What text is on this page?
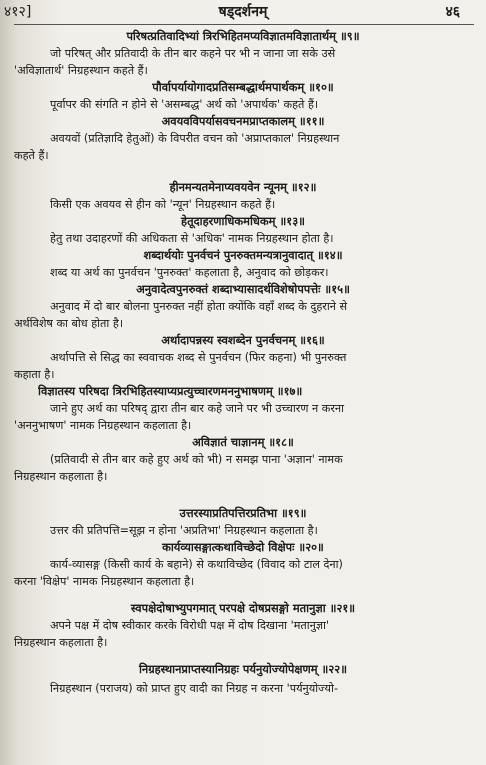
४१२]	षड्दर्शनम्	४६
परिषत्प्रतिवादिभ्यां त्रिरभिहितमप्यविज्ञातमविज्ञातार्थम् ॥९॥
जो परिषत् और प्रतिवादी के तीन बार कहने पर भी न जाना जा सके उसे
'अविज्ञातार्थ' निग्रहस्थान कहते हैं।
पौर्वापर्यायोगादप्रतिसम्बद्धार्थमपार्थकम् ॥१०॥
पूर्वापर की संगति न होने से 'असम्बद्ध' अर्थ को 'अपार्थक' कहते हैं।
अवयवविपर्यासवचनमप्राप्तकालम् ॥११॥
अवयवों (प्रतिज्ञादि हेतुओं) के विपरीत वचन को 'अप्राप्तकाल' निग्रहस्थान
कहते हैं।
हीनमन्यतमेनाप्यवयवेन न्यूनम् ॥१२॥
किसी एक अवयव से हीन को 'न्यून' निग्रहस्थान कहते हैं।
हेतूदाहरणाधिकमधिकम् ॥१३॥
हेतु तथा उदाहरणों की अधिकता से 'अधिक' नामक निग्रहस्थान होता है।
शब्दार्थयोः पुनर्वचनं पुनरुक्तमन्यत्रानुवादात् ॥१४॥
शब्द या अर्थ का पुनर्वचन 'पुनरुक्त' कहलाता है, अनुवाद को छोड़कर।
अनुवादेत्वपुनरुक्तं शब्दाभ्यासादर्थविशेषोपपत्तेः ॥१५॥
अनुवाद में दो बार बोलना पुनरुक्त नहीं होता क्योंकि वहाँ शब्द के दुहराने से
अर्थविशेष का बोध होता है।
अर्थादापन्नस्य स्वशब्देन पुनर्वचनम् ॥१६॥
अर्थापत्ति से सिद्ध का स्ववाचक शब्द से पुनर्वचन (फिर कहना) भी पुनरुक्त
कहाता है।
विज्ञातस्य परिषदा त्रिरभिहितस्याप्यप्रत्युच्चारणमननुभाषणम् ॥१७॥
जाने हुए अर्थ का परिषद् द्वारा तीन बार कहे जाने पर भी उच्चारण न करना
'अननुभाषण' नामक निग्रहस्थान कहलाता है।
अविज्ञातं चाज्ञानम् ॥१८॥
(प्रतिवादी से तीन बार कहे हुए अर्थ को भी) न समझ पाना 'अज्ञान' नामक
निग्रहस्थान कहलाता है।
उत्तरस्याप्रतिपत्तिरप्रतिभा ॥१९॥
उत्तर की प्रतिपत्ति=सूझ न होना 'अप्रतिभा' निग्रहस्थान कहलाता है।
कार्यव्यासङ्गात्कथाविच्छेदो विक्षेपः ॥२०॥
कार्य-व्यासङ्ग (किसी कार्य के बहाने) से कथाविच्छेद (विवाद को टाल देना)
करना 'विक्षेप' नामक निग्रहस्थान कहलाता है।
स्वपक्षेदोषाभ्युपगमात् परपक्षे दोषप्रसङ्गो मतानुज्ञा ॥२१॥
अपने पक्ष में दोष स्वीकार करके विरोधी पक्ष में दोष दिखाना 'मतानुज्ञा'
निग्रहस्थान कहलाता है।
निग्रहस्थानप्राप्तस्यानिग्रहः पर्यनुयोज्योपेक्षणम् ॥२२॥
निग्रहस्थान (पराजय) को प्राप्त हुए वादी का निग्रह न करना 'पर्यनुयोज्यो-
